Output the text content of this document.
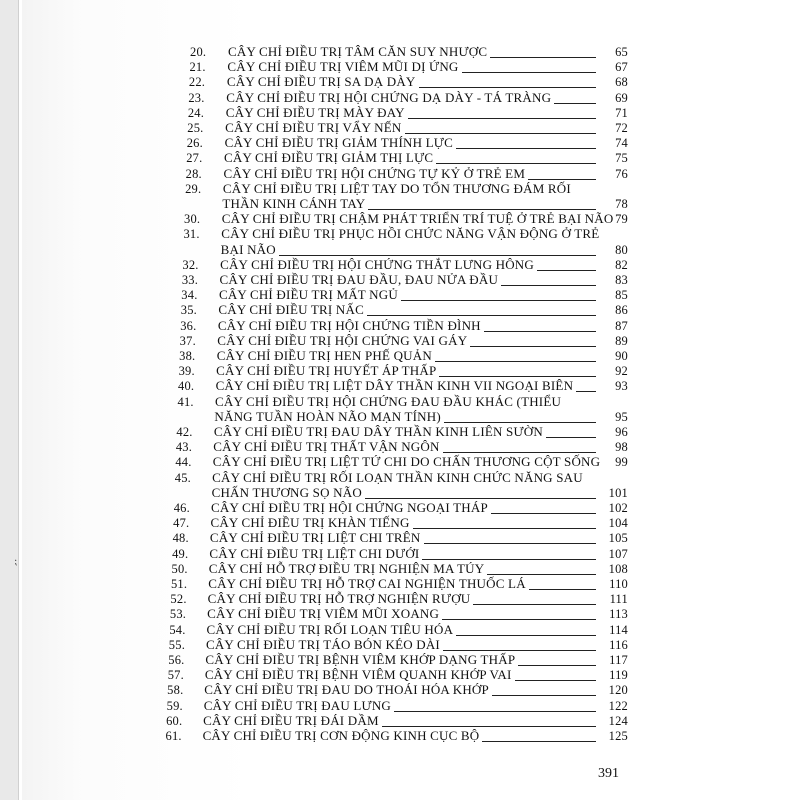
20.	CÂY CHỈ ĐIỀU TRỊ TÂM CĂN SUY NHƯỢC	65
21.	CÂY CHỈ ĐIỀU TRỊ VIÊM MŨI DỊ ỨNG	67
22.	CÂY CHỈ ĐIỀU TRỊ SA DẠ DÀY	68
23.	CÂY CHỈ ĐIỀU TRỊ HỘI CHỨNG DẠ DÀY - TÁ TRÀNG	69
24.	CÂY CHỈ ĐIỀU TRỊ MÀY ĐAY	71
25.	CÂY CHỈ ĐIỀU TRỊ VẨY NẾN	72
26.	CÂY CHỈ ĐIỀU TRỊ GIẢM THÍNH LỰC	74
27.	CÂY CHỈ ĐIỀU TRỊ GIẢM THỊ LỰC	75
28.	CÂY CHỈ ĐIỀU TRỊ HỘI CHỨNG TỰ KỶ Ở TRẺ EM	76
29.	CÂY CHỈ ĐIỀU TRỊ LIỆT TAY DO TỔN THƯƠNG ĐÁM RỐI
THẦN KINH CÁNH TAY	78
30.	CÂY CHỈ ĐIỀU TRỊ CHẬM PHÁT TRIỂN TRÍ TUỆ Ở TRẺ BẠI NÃO 79
31.	CÂY CHỈ ĐIỀU TRỊ PHỤC HỒI CHỨC NĂNG VẬN ĐỘNG Ở TRẺ
BẠI NÃO	80
32.	CÂY CHỈ ĐIỀU TRỊ HỘI CHỨNG THẮT LƯNG HÔNG	82
33.	CÂY CHỈ ĐIỀU TRỊ ĐAU ĐẦU, ĐAU NỬA ĐẦU	83
34.	CÂY CHỈ ĐIỀU TRỊ MẤT NGỦ	85
35.	CÂY CHỈ ĐIỀU TRỊ NẤC	86
36.	CÂY CHỈ ĐIỀU TRỊ HỘI CHỨNG TIỀN ĐÌNH	87
37.	CÂY CHỈ ĐIỀU TRỊ HỘI CHỨNG VAI GÁY	89
38.	CÂY CHỈ ĐIỀU TRỊ HEN PHẾ QUẢN	90
39.	CÂY CHỈ ĐIỀU TRỊ HUYẾT ÁP THẤP	92
40.	CÂY CHỈ ĐIỀU TRỊ LIỆT DÂY THẦN KINH VII NGOẠI BIÊN	93
41.	CÂY CHỈ ĐIỀU TRỊ HỘI CHỨNG ĐAU ĐẦU KHÁC (THIỂU
NĂNG TUẦN HOÀN NÃO MẠN TÍNH)	95
42.	CÂY CHỈ ĐIỀU TRỊ ĐAU DÂY THẦN KINH LIÊN SƯỜN	96
43.	CÂY CHỈ ĐIỀU TRỊ THẤT VẬN NGÔN	98
44.	CÂY CHỈ ĐIỀU TRỊ LIỆT TỨ CHI DO CHẤN THƯƠNG CỘT SỐNG	99
45.	CÂY CHỈ ĐIỀU TRỊ RỐI LOẠN THẦN KINH CHỨC NĂNG SAU
CHẤN THƯƠNG SỌ NÃO	101
46.	CÂY CHỈ ĐIỀU TRỊ HỘI CHỨNG NGOẠI THÁP	102
47.	CÂY CHỈ ĐIỀU TRỊ KHÀN TIẾNG	104
48.	CÂY CHỈ ĐIỀU TRỊ LIỆT CHI TRÊN	105
49.	CÂY CHỈ ĐIỀU TRỊ LIỆT CHI DƯỚI	107
50.	CÂY CHỈ HỖ TRỢ ĐIỀU TRỊ NGHIỆN MA TÚY	108
51.	CÂY CHỈ ĐIỀU TRỊ HỖ TRỢ CAI NGHIỆN THUỐC LÁ	110
52.	CÂY CHỈ ĐIỀU TRỊ HỖ TRỢ NGHIỆN RƯỢU	111
53.	CÂY CHỈ ĐIỀU TRỊ VIÊM MŨI XOANG	113
54.	CÂY CHỈ ĐIỀU TRỊ RỐI LOẠN TIÊU HÓA	114
55.	CÂY CHỈ ĐIỀU TRỊ TÁO BÓN KÉO DÀI	116
56.	CÂY CHỈ ĐIỀU TRỊ BỆNH VIÊM KHỚP DẠNG THẤP	117
57.	CÂY CHỈ ĐIỀU TRỊ BỆNH VIÊM QUANH KHỚP VAI	119
58.	CÂY CHỈ ĐIỀU TRỊ ĐAU DO THOÁI HÓA KHỚP	120
59.	CÂY CHỈ ĐIỀU TRỊ ĐAU LƯNG	122
60.	CÂY CHỈ ĐIỀU TRỊ ĐÁI DẦM	124
61.	CÂY CHỈ ĐIỀU TRỊ CƠN ĐỘNG KINH CỤC BỘ	125
391
⁏
